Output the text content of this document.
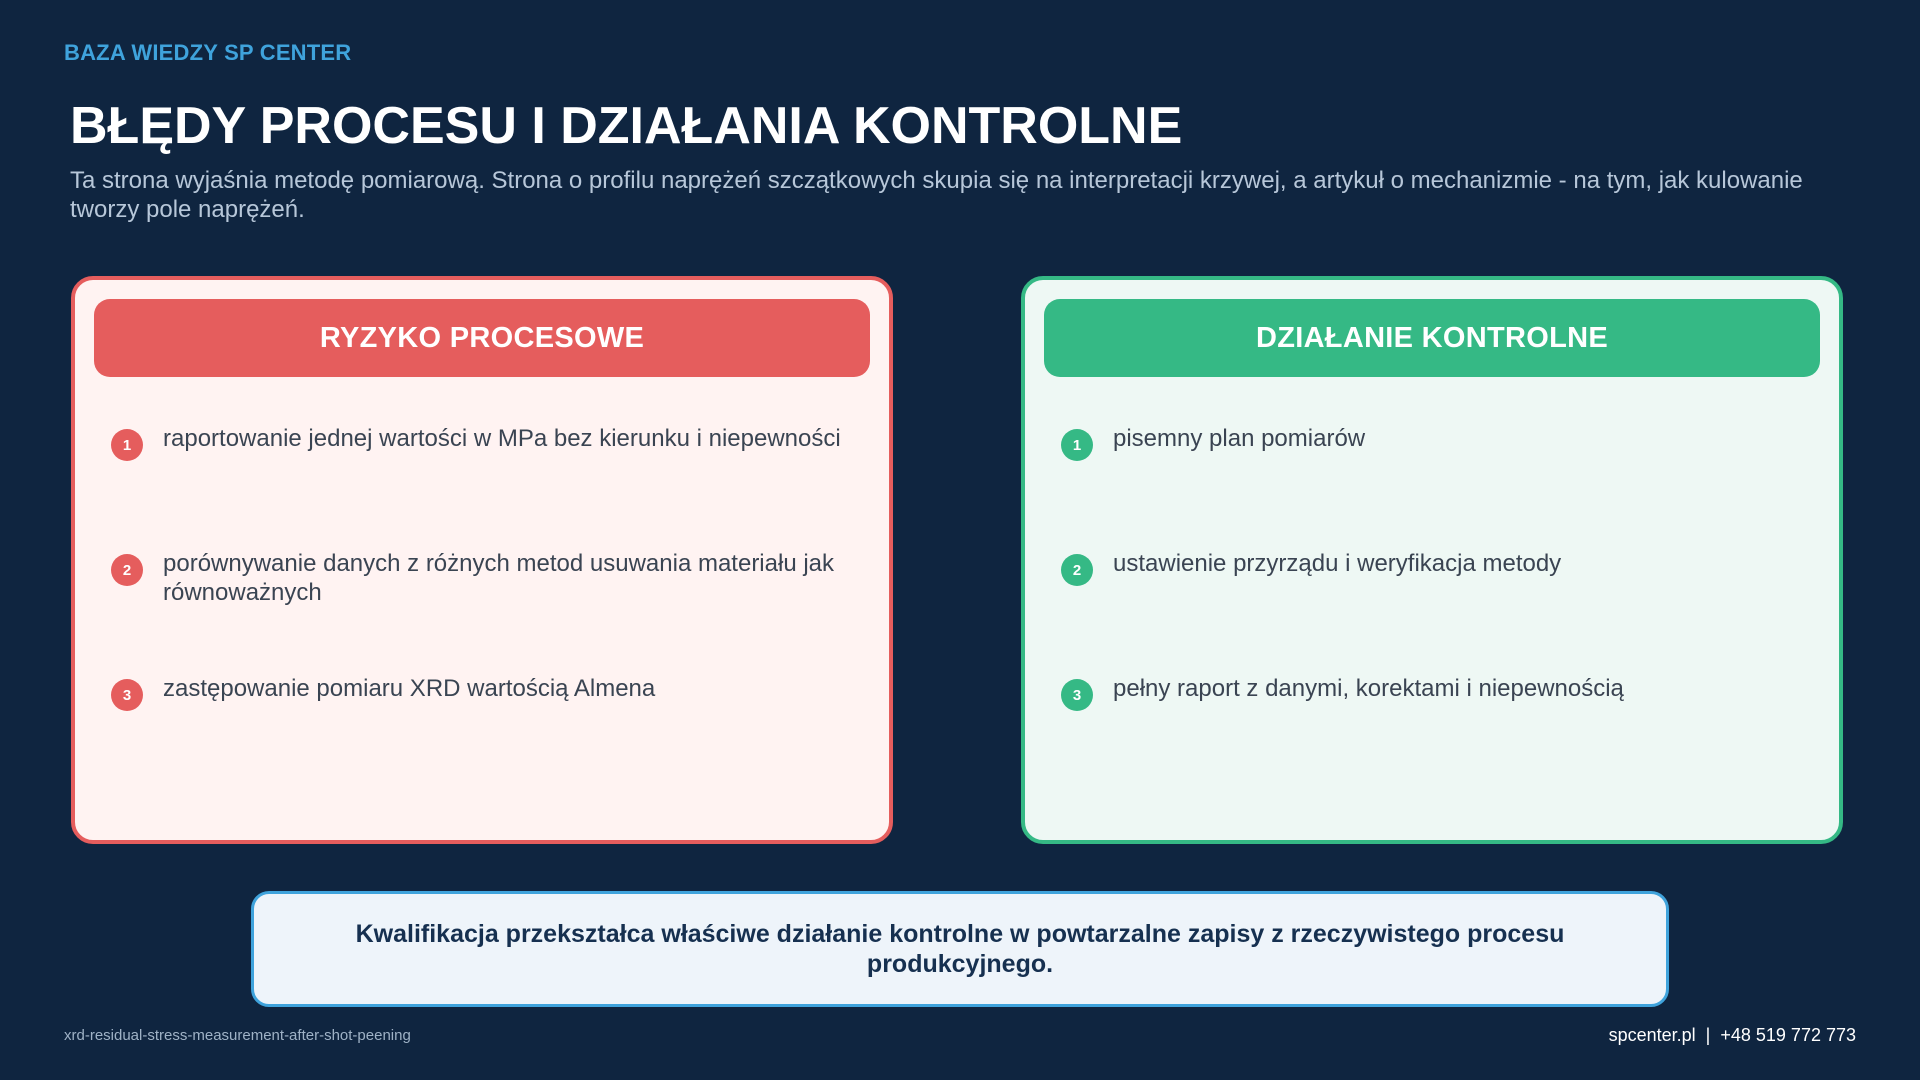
BAZA WIEDZY SP CENTER
BŁĘDY PROCESU I DZIAŁANIA KONTROLNE

Ta strona wyjaśnia metodę pomiarową. Strona o profilu naprężeń szczątkowych skupia się na interpretacji krzywej, a artykuł o mechanizmie - na tym, jak kulowanie tworzy pole naprężeń.

RYZYKO PROCESOWE
1	raportowanie jednej wartości w MPa bez kierunku i niepewności
2	porównywanie danych z różnych metod usuwania materiału jak równoważnych
3	zastępowanie pomiaru XRD wartością Almena
DZIAŁANIE KONTROLNE
1	pisemny plan pomiarów
2	ustawienie przyrządu i weryfikacja metody
3	pełny raport z danymi, korektami i niepewnością
Kwalifikacja przekształca właściwe działanie kontrolne w powtarzalne zapisy z rzeczywistego procesu produkcyjnego.
xrd-residual-stress-measurement-after-shot-peening	spcenter.pl | +48 519 772 773
